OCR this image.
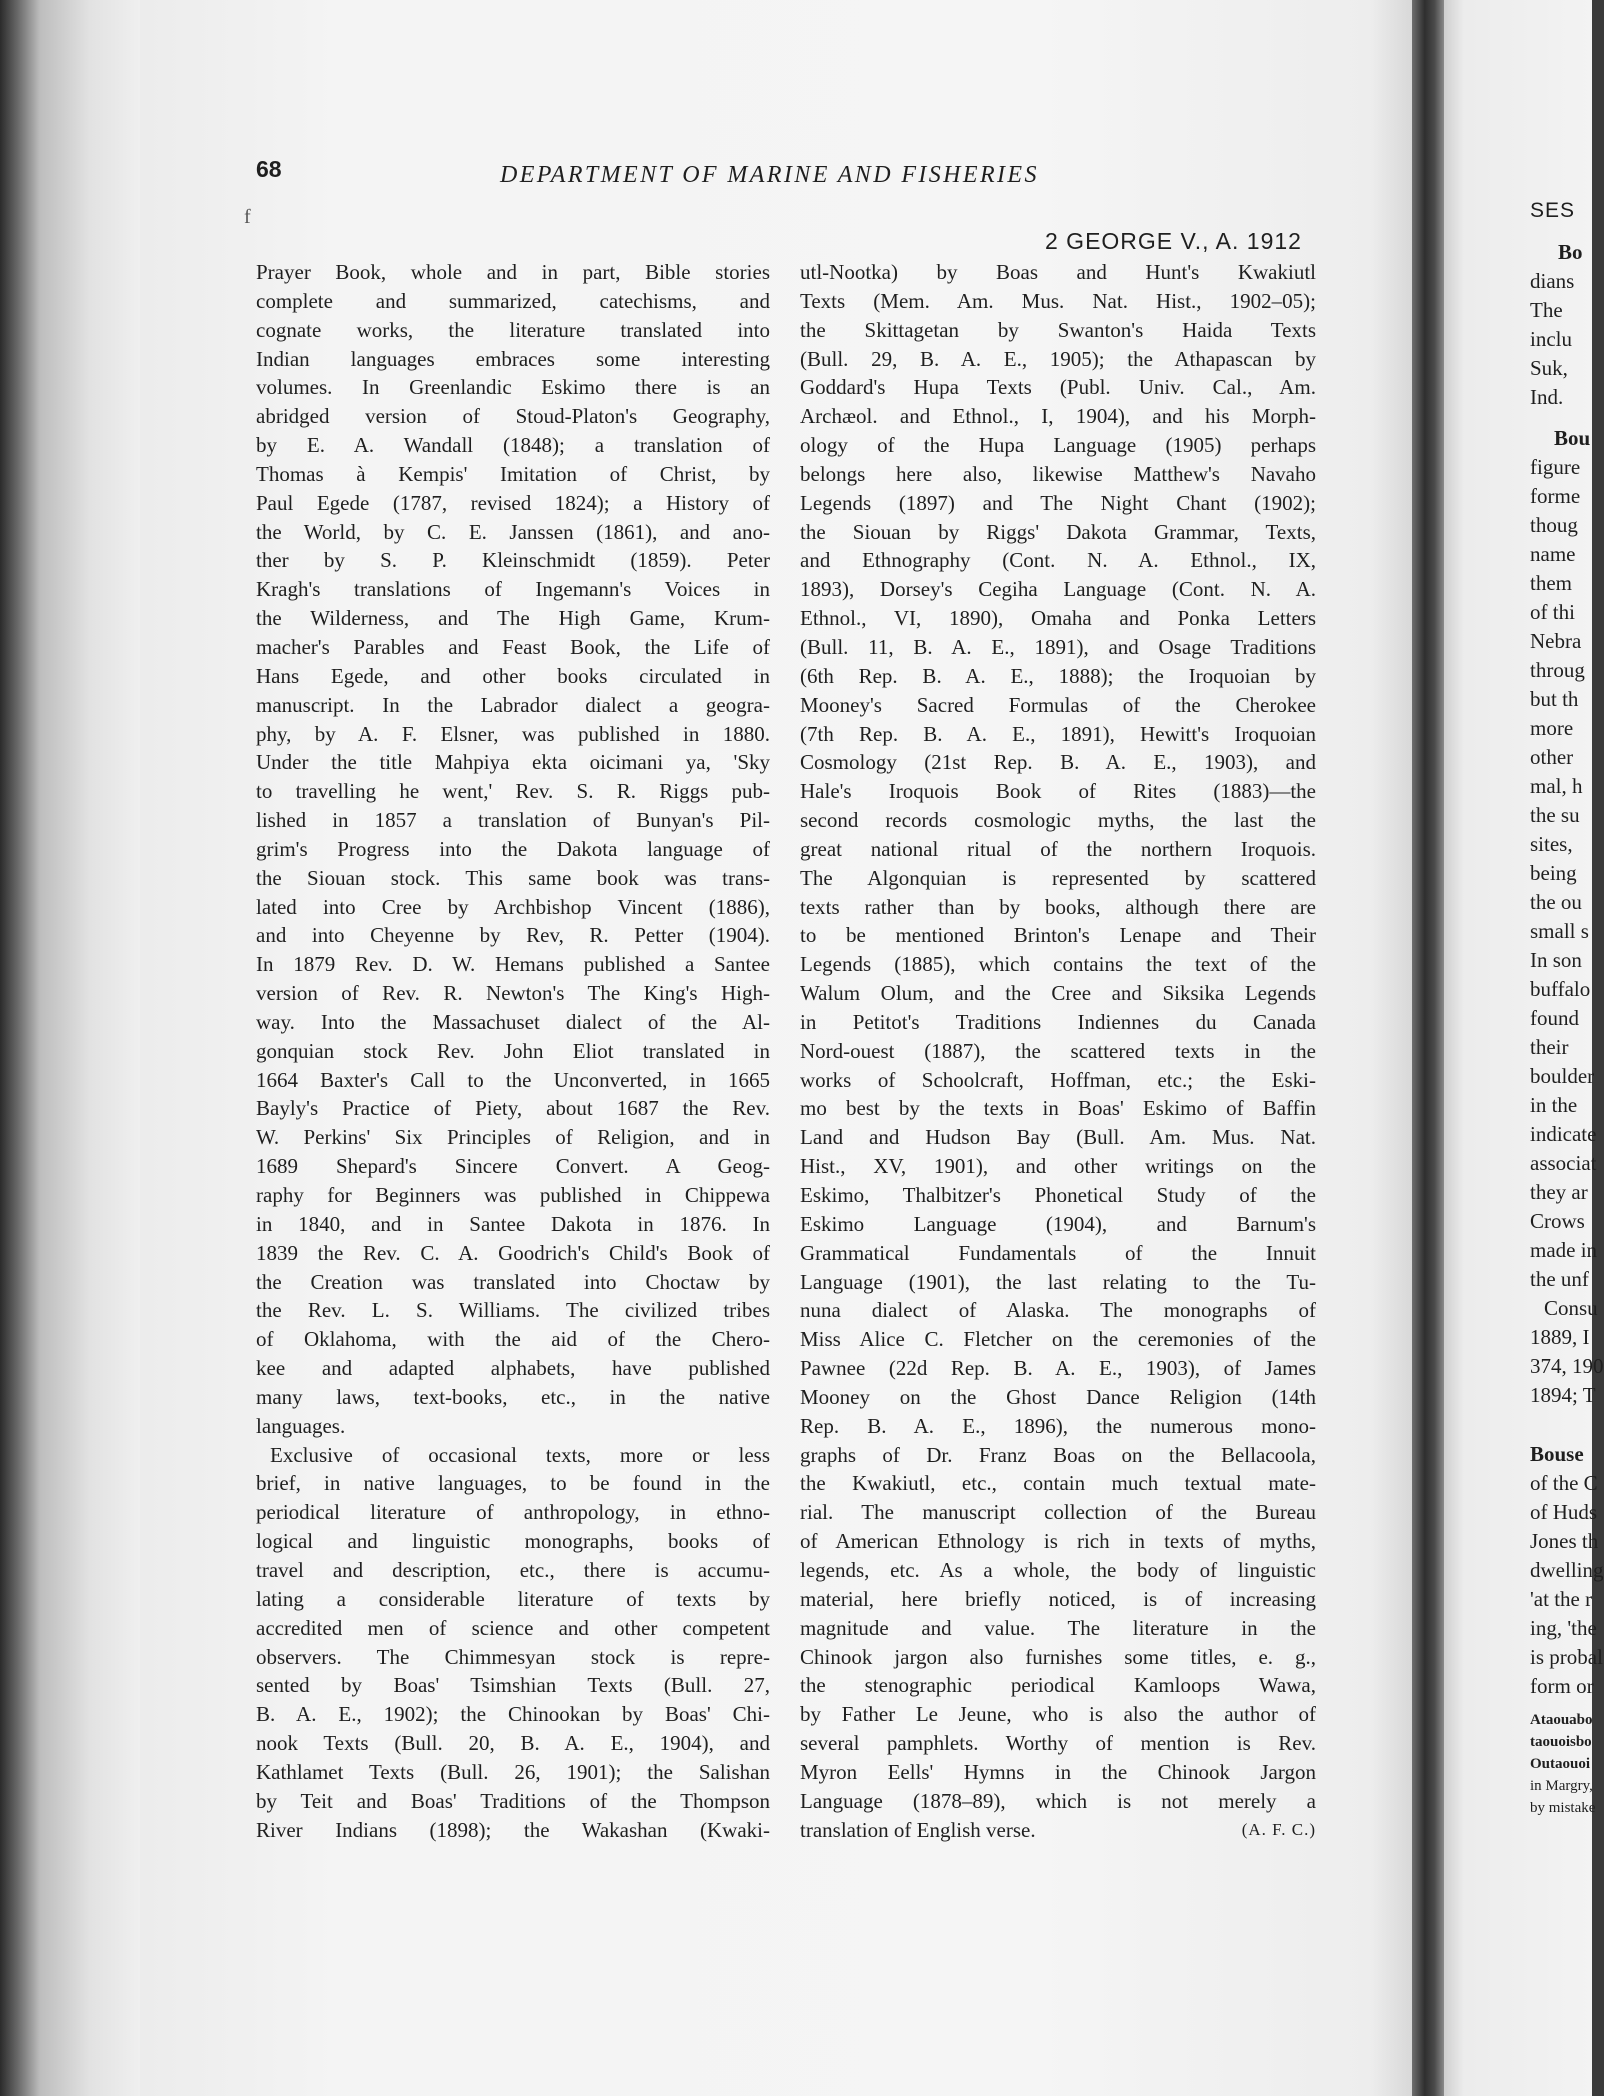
68	DEPARTMENT OF MARINE AND FISHERIES
f
2 GEORGE V., A. 1912
Prayer Book, whole and in part, Bible stories
complete and summarized, catechisms, and
cognate works, the literature translated into
Indian languages embraces some interesting
volumes. In Greenlandic Eskimo there is an
abridged version of Stoud-Platon's Geography,
by E. A. Wandall (1848); a translation of
Thomas à Kempis' Imitation of Christ, by
Paul Egede (1787, revised 1824); a History of
the World, by C. E. Janssen (1861), and ano-
ther by S. P. Kleinschmidt (1859). Peter
Kragh's translations of Ingemann's Voices in
the Wilderness, and The High Game, Krum-
macher's Parables and Feast Book, the Life of
Hans Egede, and other books circulated in
manuscript. In the Labrador dialect a geogra-
phy, by A. F. Elsner, was published in 1880.
Under the title Mahpiya ekta oicimani ya, 'Sky
to travelling he went,' Rev. S. R. Riggs pub-
lished in 1857 a translation of Bunyan's Pil-
grim's Progress into the Dakota language of
the Siouan stock. This same book was trans-
lated into Cree by Archbishop Vincent (1886),
and into Cheyenne by Rev, R. Petter (1904).
In 1879 Rev. D. W. Hemans published a Santee
version of Rev. R. Newton's The King's High-
way. Into the Massachuset dialect of the Al-
gonquian stock Rev. John Eliot translated in
1664 Baxter's Call to the Unconverted, in 1665
Bayly's Practice of Piety, about 1687 the Rev.
W. Perkins' Six Principles of Religion, and in
1689 Shepard's Sincere Convert. A Geog-
raphy for Beginners was published in Chippewa
in 1840, and in Santee Dakota in 1876. In
1839 the Rev. C. A. Goodrich's Child's Book of
the Creation was translated into Choctaw by
the Rev. L. S. Williams. The civilized tribes
of Oklahoma, with the aid of the Chero-
kee and adapted alphabets, have published
many laws, text-books, etc., in the native
languages.
Exclusive of occasional texts, more or less
brief, in native languages, to be found in the
periodical literature of anthropology, in ethno-
logical and linguistic monographs, books of
travel and description, etc., there is accumu-
lating a considerable literature of texts by
accredited men of science and other competent
observers. The Chimmesyan stock is repre-
sented by Boas' Tsimshian Texts (Bull. 27,
B. A. E., 1902); the Chinookan by Boas' Chi-
nook Texts (Bull. 20, B. A. E., 1904), and
Kathlamet Texts (Bull. 26, 1901); the Salishan
by Teit and Boas' Traditions of the Thompson
River Indians (1898); the Wakashan (Kwaki-
utl-Nootka) by Boas and Hunt's Kwakiutl
Texts (Mem. Am. Mus. Nat. Hist., 1902–05);
the Skittagetan by Swanton's Haida Texts
(Bull. 29, B. A. E., 1905); the Athapascan by
Goddard's Hupa Texts (Publ. Univ. Cal., Am.
Archæol. and Ethnol., I, 1904), and his Morph-
ology of the Hupa Language (1905) perhaps
belongs here also, likewise Matthew's Navaho
Legends (1897) and The Night Chant (1902);
the Siouan by Riggs' Dakota Grammar, Texts,
and Ethnography (Cont. N. A. Ethnol., IX,
1893), Dorsey's Cegiha Language (Cont. N. A.
Ethnol., VI, 1890), Omaha and Ponka Letters
(Bull. 11, B. A. E., 1891), and Osage Traditions
(6th Rep. B. A. E., 1888); the Iroquoian by
Mooney's Sacred Formulas of the Cherokee
(7th Rep. B. A. E., 1891), Hewitt's Iroquoian
Cosmology (21st Rep. B. A. E., 1903), and
Hale's Iroquois Book of Rites (1883)—the
second records cosmologic myths, the last the
great national ritual of the northern Iroquois.
The Algonquian is represented by scattered
texts rather than by books, although there are
to be mentioned Brinton's Lenape and Their
Legends (1885), which contains the text of the
Walum Olum, and the Cree and Siksika Legends
in Petitot's Traditions Indiennes du Canada
Nord-ouest (1887), the scattered texts in the
works of Schoolcraft, Hoffman, etc.; the Eski-
mo best by the texts in Boas' Eskimo of Baffin
Land and Hudson Bay (Bull. Am. Mus. Nat.
Hist., XV, 1901), and other writings on the
Eskimo, Thalbitzer's Phonetical Study of the
Eskimo Language (1904), and Barnum's
Grammatical Fundamentals of the Innuit
Language (1901), the last relating to the Tu-
nuna dialect of Alaska. The monographs of
Miss Alice C. Fletcher on the ceremonies of the
Pawnee (22d Rep. B. A. E., 1903), of James
Mooney on the Ghost Dance Religion (14th
Rep. B. A. E., 1896), the numerous mono-
graphs of Dr. Franz Boas on the Bellacoola,
the Kwakiutl, etc., contain much textual mate-
rial. The manuscript collection of the Bureau
of American Ethnology is rich in texts of myths,
legends, etc. As a whole, the body of linguistic
material, here briefly noticed, is of increasing
magnitude and value. The literature in the
Chinook jargon also furnishes some titles, e. g.,
the stenographic periodical Kamloops Wawa,
by Father Le Jeune, who is also the author of
several pamphlets. Worthy of mention is Rev.
Myron Eells' Hymns in the Chinook Jargon
Language (1878–89), which is not merely a
translation of English verse.	(A. F. C.)
SES
Bo
dians
The
inclu
Suk,
Ind.
Bou
figure
forme
thoug
name
them
of thi
Nebra
throug
but th
more
other
mal, h
the su
sites,
being
the ou
small s
In son
buffalo
found
their
boulder
in the
indicate
associat
they ar
Crows
made in
the unf
Consu
1889, I
374, 190
1894; T
Bouse
of the C
of Huds
Jones th
dwelling
'at the r
ing, 'the
is probal
form or
Ataouabo
taouoisbo
Outaouoi
in Margry,
by mistake
